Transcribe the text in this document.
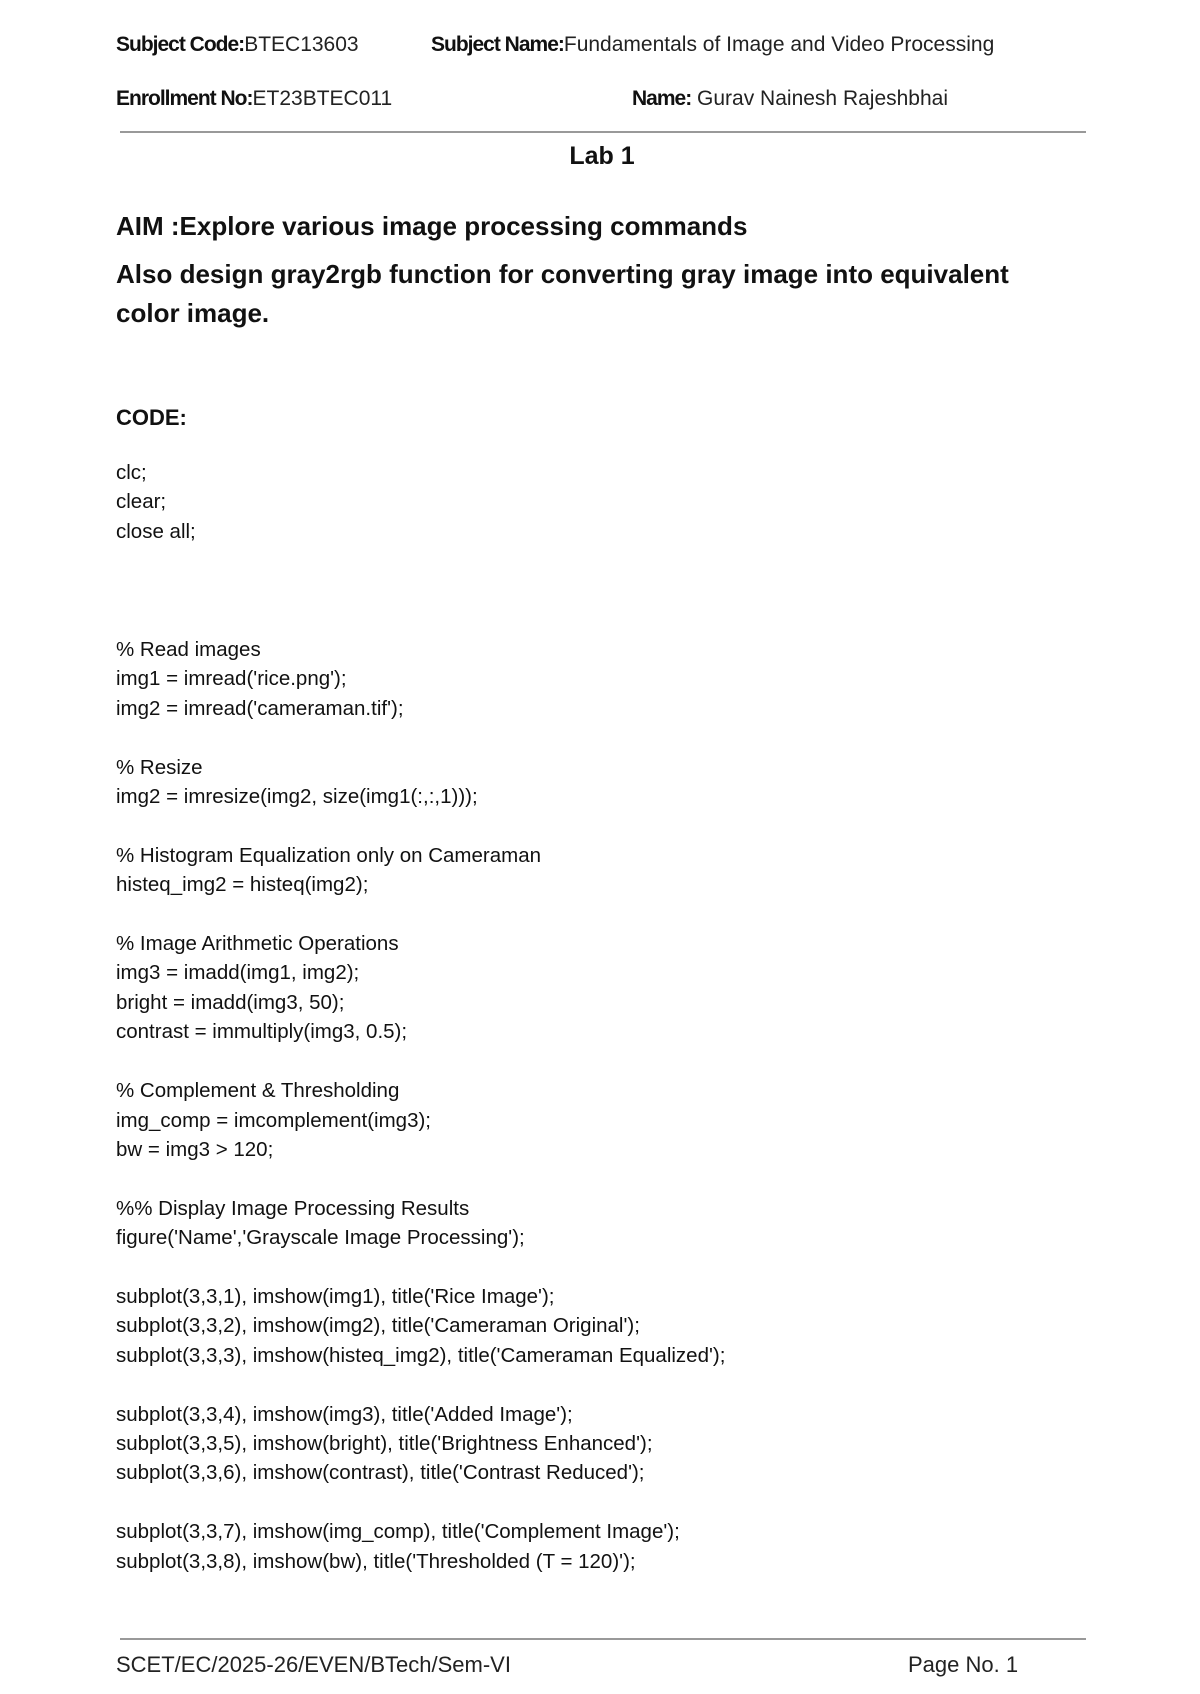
Subject Code:BTEC13603	Subject Name:Fundamentals of Image and Video Processing
Enrollment No:ET23BTEC011	Name: Gurav Nainesh Rajeshbhai
Lab 1
AIM :Explore various image processing commands
Also design gray2rgb function for converting gray image into equivalent color image.
CODE:
clc;
clear;
close all;
% Read images
img1 = imread('rice.png');
img2 = imread('cameraman.tif');

% Resize
img2 = imresize(img2, size(img1(:,:,1)));

% Histogram Equalization only on Cameraman
histeq_img2 = histeq(img2);

% Image Arithmetic Operations
img3 = imadd(img1, img2);
bright = imadd(img3, 50);
contrast = immultiply(img3, 0.5);

% Complement & Thresholding
img_comp = imcomplement(img3);
bw = img3 > 120;

%% Display Image Processing Results
figure('Name','Grayscale Image Processing');

subplot(3,3,1), imshow(img1), title('Rice Image');
subplot(3,3,2), imshow(img2), title('Cameraman Original');
subplot(3,3,3), imshow(histeq_img2), title('Cameraman Equalized');

subplot(3,3,4), imshow(img3), title('Added Image');
subplot(3,3,5), imshow(bright), title('Brightness Enhanced');
subplot(3,3,6), imshow(contrast), title('Contrast Reduced');

subplot(3,3,7), imshow(img_comp), title('Complement Image');
subplot(3,3,8), imshow(bw), title('Thresholded (T = 120)');
SCET/EC/2025-26/EVEN/BTech/Sem-VI	Page No. 1
